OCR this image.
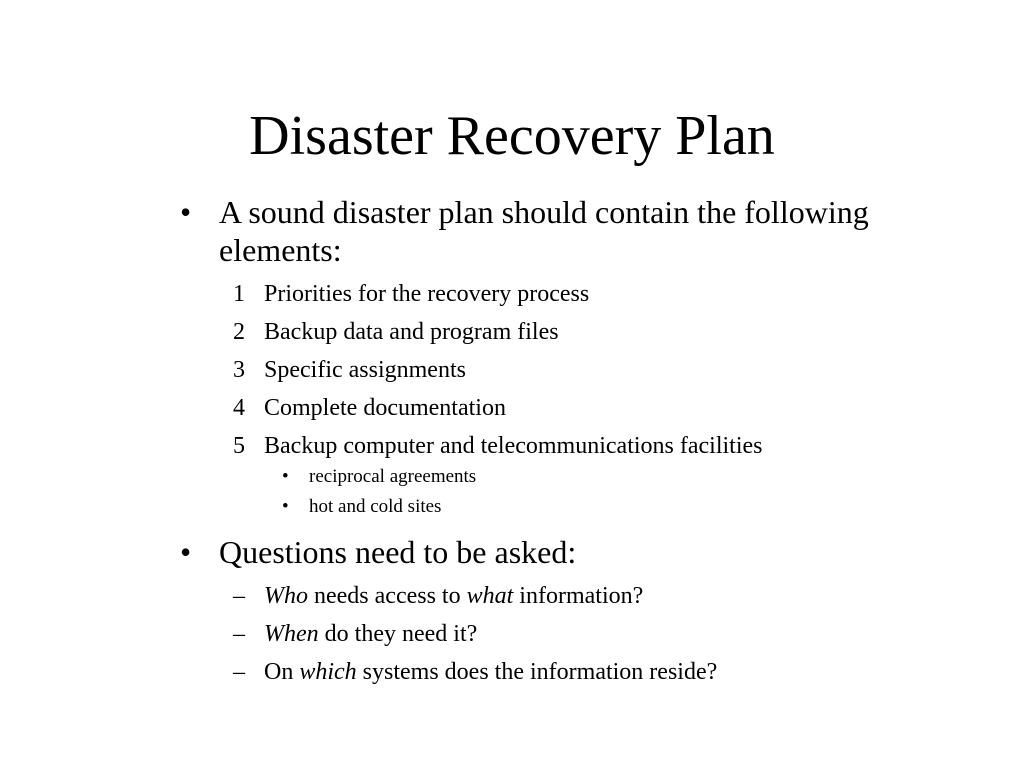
Disaster Recovery Plan
• A sound disaster plan should contain the following elements:
1 Priorities for the recovery process
2 Backup data and program files
3 Specific assignments
4 Complete documentation
5 Backup computer and telecommunications facilities
• reciprocal agreements
• hot and cold sites
• Questions need to be asked:
– Who needs access to what information?
– When do they need it?
– On which systems does the information reside?
